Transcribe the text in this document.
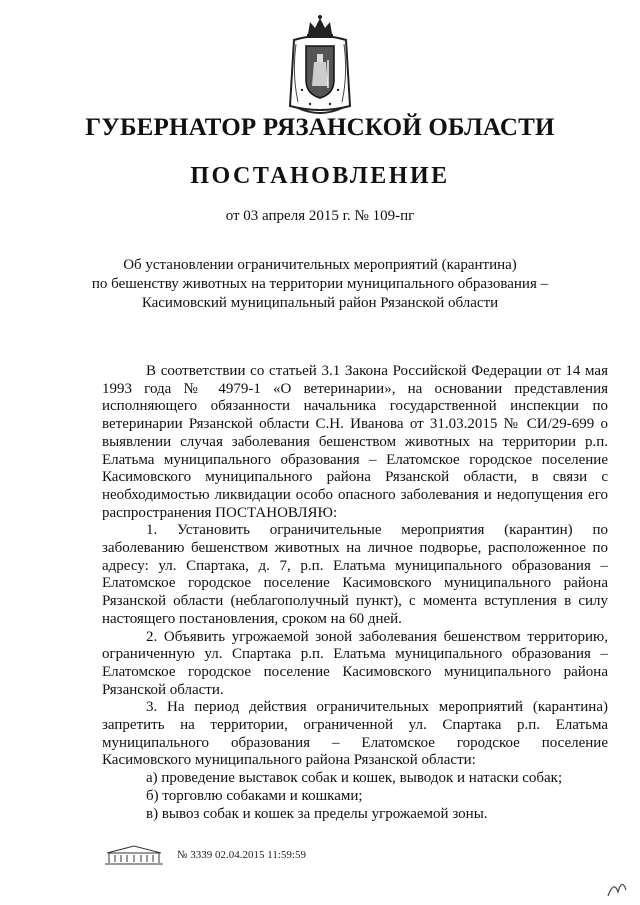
ГУБЕРНАТОР РЯЗАНСКОЙ ОБЛАСТИ
ПОСТАНОВЛЕНИЕ
от 03 апреля 2015 г. № 109-пг
Об установлении ограничительных мероприятий (карантина)
по бешенству животных на территории муниципального образования –
Касимовский муниципальный район Рязанской области

В соответствии со статьей 3.1 Закона Российской Федерации от 14 мая 1993 года № 4979-1 «О ветеринарии», на основании представления исполняющего обязанности начальника государственной инспекции по ветеринарии Рязанской области С.Н. Иванова от 31.03.2015 № СИ/29-699 о выявлении случая заболевания бешенством животных на территории р.п. Елатьма муниципального образования – Елатомское городское поселение Касимовского муниципального района Рязанской области, в связи с необходимостью ликвидации особо опасного заболевания и недопущения его распространения ПОСТАНОВЛЯЮ:

1. Установить ограничительные мероприятия (карантин) по заболеванию бешенством животных на личное подворье, расположенное по адресу: ул. Спартака, д. 7, р.п. Елатьма муниципального образования – Елатомское городское поселение Касимовского муниципального района Рязанской области (неблагополучный пункт), с момента вступления в силу настоящего постановления, сроком на 60 дней.

2. Объявить угрожаемой зоной заболевания бешенством территорию, ограниченную ул. Спартака р.п. Елатьма муниципального образования – Елатомское городское поселение Касимовского муниципального района Рязанской области.

3. На период действия ограничительных мероприятий (карантина) запретить на территории, ограниченной ул. Спартака р.п. Елатьма муниципального образования – Елатомское городское поселение Касимовского муниципального района Рязанской области:

а) проведение выставок собак и кошек, выводок и натаски собак;

б) торговлю собаками и кошками;

в) вывоз собак и кошек за пределы угрожаемой зоны.

№ 3339 02.04.2015 11:59:59
